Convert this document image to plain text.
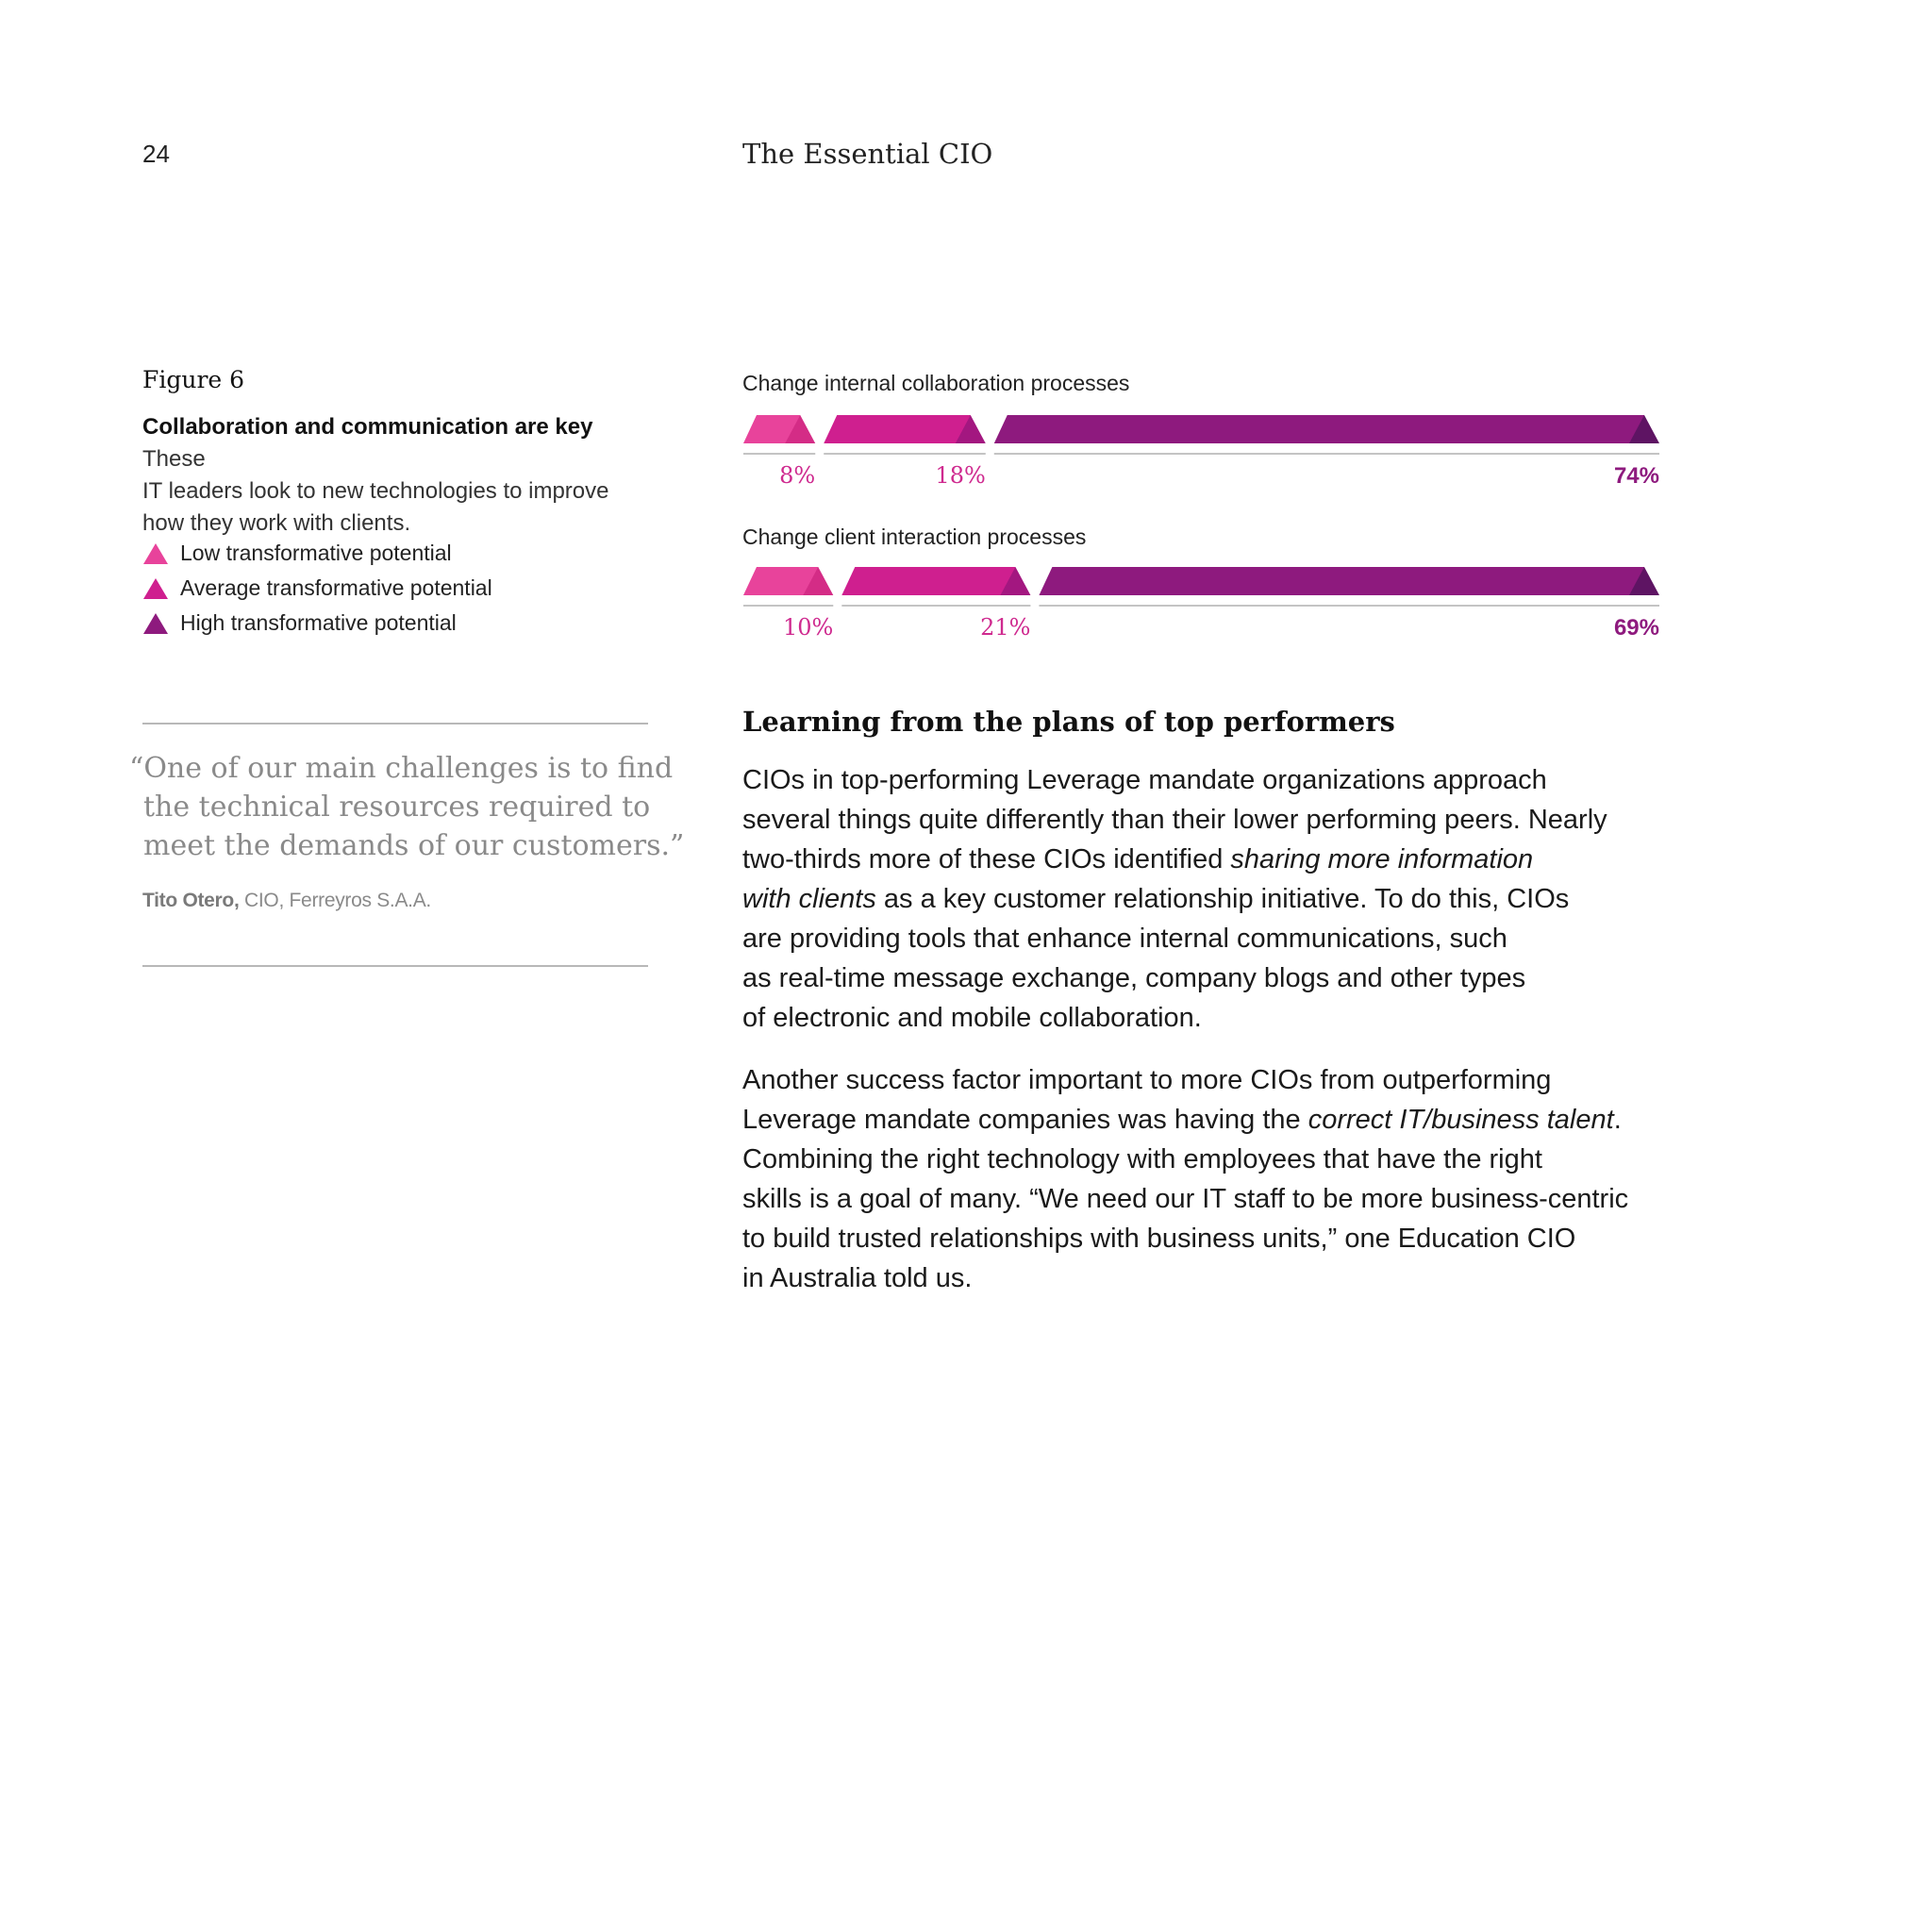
24	The Essential CIO
Figure 6
Collaboration and communication are key  These
IT leaders look to new technologies to improve
how they work with clients.
Low transformative potential
Average transformative potential
High transformative potential
“One of our main challenges is to find
the technical resources required to
meet the demands of our customers.”
Tito Otero, CIO, Ferreyros S.A.A.
Change internal collaboration processes
Change client interaction processes
8%	18%	74%
10%	21%	69%
Learning from the plans of top performers
CIOs in top-performing Leverage mandate organizations approach
several things quite differently than their lower performing peers. Nearly
two-thirds more of these CIOs identified sharing more information
with clients as a key customer relationship initiative. To do this, CIOs
are providing tools that enhance internal communications, such
as real-time message exchange, company blogs and other types
of electronic and mobile collaboration.
Another success factor important to more CIOs from outperforming
Leverage mandate companies was having the correct IT/business talent.
Combining the right technology with employees that have the right
skills is a goal of many. “We need our IT staff to be more business-centric
to build trusted relationships with business units,” one Education CIO
in Australia told us.
